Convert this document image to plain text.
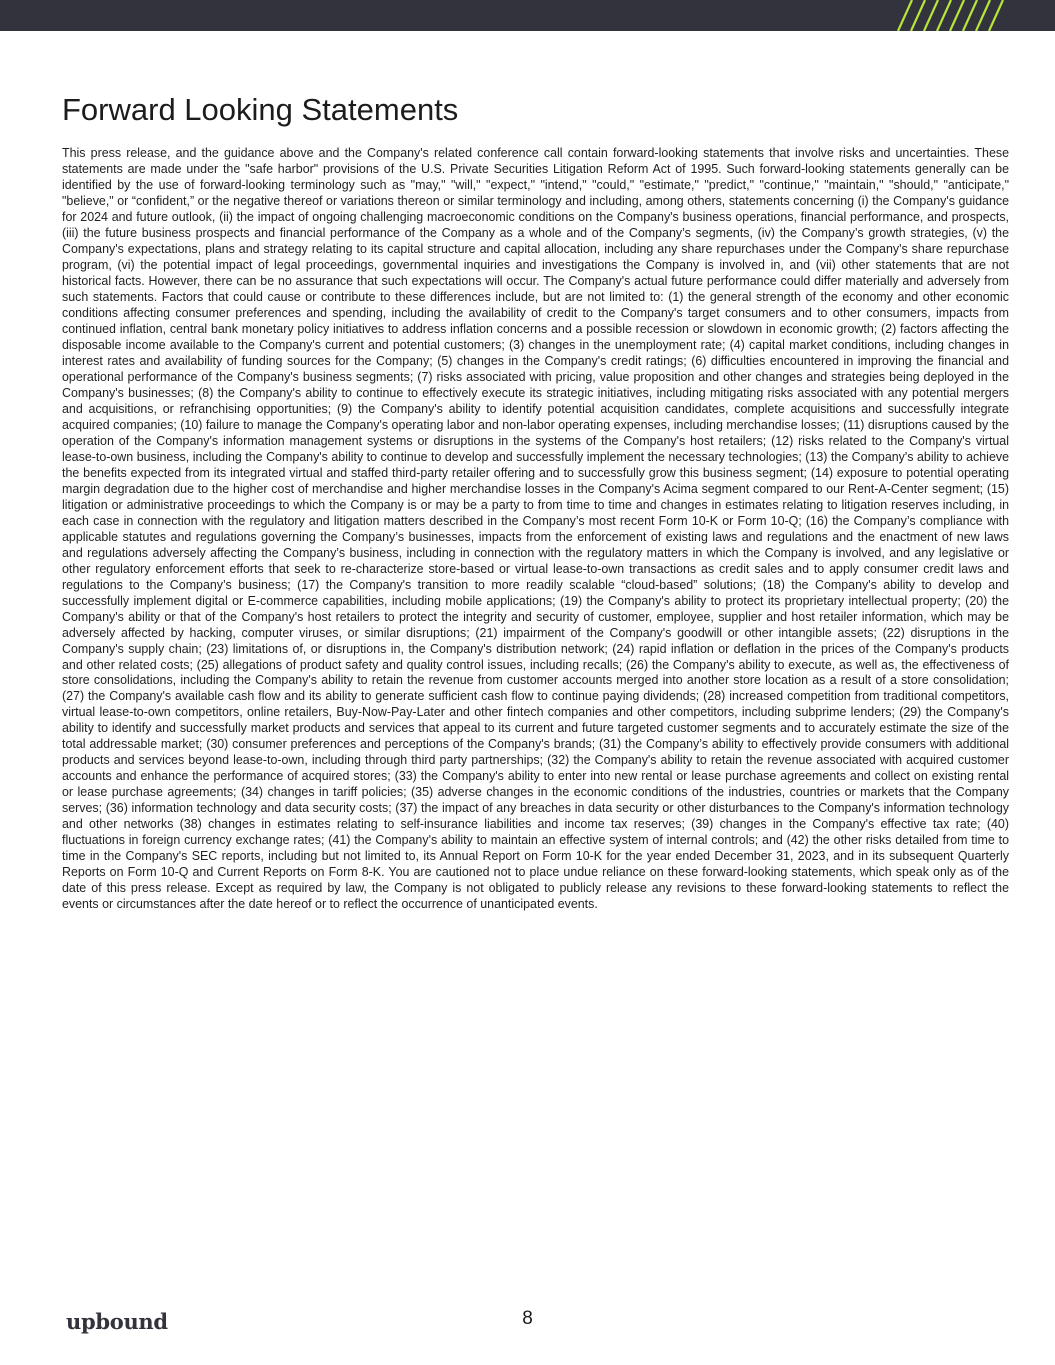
Forward Looking Statements

This press release, and the guidance above and the Company's related conference call contain forward-looking statements that involve risks and uncertainties. These statements are made under the "safe harbor" provisions of the U.S. Private Securities Litigation Reform Act of 1995. Such forward-looking statements generally can be identified by the use of forward-looking terminology such as "may," "will," "expect," "intend," "could," "estimate," "predict," "continue," "maintain," "should," "anticipate," "believe," or “confident,” or the negative thereof or variations thereon or similar terminology and including, among others, statements concerning (i) the Company's guidance for 2024 and future outlook, (ii) the impact of ongoing challenging macroeconomic conditions on the Company's business operations, financial performance, and prospects, (iii) the future business prospects and financial performance of the Company as a whole and of the Company’s segments, (iv) the Company’s growth strategies, (v) the Company's expectations, plans and strategy relating to its capital structure and capital allocation, including any share repurchases under the Company's share repurchase program, (vi) the potential impact of legal proceedings, governmental inquiries and investigations the Company is involved in, and (vii) other statements that are not historical facts. However, there can be no assurance that such expectations will occur. The Company's actual future performance could differ materially and adversely from such statements. Factors that could cause or contribute to these differences include, but are not limited to: (1) the general strength of the economy and other economic conditions affecting consumer preferences and spending, including the availability of credit to the Company's target consumers and to other consumers, impacts from continued inflation, central bank monetary policy initiatives to address inflation concerns and a possible recession or slowdown in economic growth; (2) factors affecting the disposable income available to the Company's current and potential customers; (3) changes in the unemployment rate; (4) capital market conditions, including changes in interest rates and availability of funding sources for the Company; (5) changes in the Company's credit ratings; (6) difficulties encountered in improving the financial and operational performance of the Company's business segments; (7) risks associated with pricing, value proposition and other changes and strategies being deployed in the Company's businesses; (8) the Company's ability to continue to effectively execute its strategic initiatives, including mitigating risks associated with any potential mergers and acquisitions, or refranchising opportunities; (9) the Company's ability to identify potential acquisition candidates, complete acquisitions and successfully integrate acquired companies; (10) failure to manage the Company's operating labor and non-labor operating expenses, including merchandise losses; (11) disruptions caused by the operation of the Company's information management systems or disruptions in the systems of the Company's host retailers; (12) risks related to the Company's virtual lease-to-own business, including the Company's ability to continue to develop and successfully implement the necessary technologies; (13) the Company's ability to achieve the benefits expected from its integrated virtual and staffed third-party retailer offering and to successfully grow this business segment; (14) exposure to potential operating margin degradation due to the higher cost of merchandise and higher merchandise losses in the Company's Acima segment compared to our Rent-A-Center segment; (15) litigation or administrative proceedings to which the Company is or may be a party to from time to time and changes in estimates relating to litigation reserves including, in each case in connection with the regulatory and litigation matters described in the Company’s most recent Form 10-K or Form 10-Q; (16) the Company’s compliance with applicable statutes and regulations governing the Company’s businesses, impacts from the enforcement of existing laws and regulations and the enactment of new laws and regulations adversely affecting the Company’s business, including in connection with the regulatory matters in which the Company is involved, and any legislative or other regulatory enforcement efforts that seek to re-characterize store-based or virtual lease-to-own transactions as credit sales and to apply consumer credit laws and regulations to the Company’s business; (17) the Company's transition to more readily scalable “cloud-based” solutions; (18) the Company's ability to develop and successfully implement digital or E-commerce capabilities, including mobile applications; (19) the Company's ability to protect its proprietary intellectual property; (20) the Company's ability or that of the Company's host retailers to protect the integrity and security of customer, employee, supplier and host retailer information, which may be adversely affected by hacking, computer viruses, or similar disruptions; (21) impairment of the Company's goodwill or other intangible assets; (22) disruptions in the Company's supply chain; (23) limitations of, or disruptions in, the Company's distribution network; (24) rapid inflation or deflation in the prices of the Company's products and other related costs; (25) allegations of product safety and quality control issues, including recalls; (26) the Company's ability to execute, as well as, the effectiveness of store consolidations, including the Company's ability to retain the revenue from customer accounts merged into another store location as a result of a store consolidation; (27) the Company's available cash flow and its ability to generate sufficient cash flow to continue paying dividends; (28) increased competition from traditional competitors, virtual lease-to-own competitors, online retailers, Buy-Now-Pay-Later and other fintech companies and other competitors, including subprime lenders; (29) the Company's ability to identify and successfully market products and services that appeal to its current and future targeted customer segments and to accurately estimate the size of the total addressable market; (30) consumer preferences and perceptions of the Company's brands; (31) the Company’s ability to effectively provide consumers with additional products and services beyond lease-to-own, including through third party partnerships; (32) the Company's ability to retain the revenue associated with acquired customer accounts and enhance the performance of acquired stores; (33) the Company's ability to enter into new rental or lease purchase agreements and collect on existing rental or lease purchase agreements; (34) changes in tariff policies; (35) adverse changes in the economic conditions of the industries, countries or markets that the Company serves; (36) information technology and data security costs; (37) the impact of any breaches in data security or other disturbances to the Company's information technology and other networks (38) changes in estimates relating to self-insurance liabilities and income tax reserves; (39) changes in the Company's effective tax rate; (40) fluctuations in foreign currency exchange rates; (41) the Company's ability to maintain an effective system of internal controls; and (42) the other risks detailed from time to time in the Company's SEC reports, including but not limited to, its Annual Report on Form 10-K for the year ended December 31, 2023, and in its subsequent Quarterly Reports on Form 10-Q and Current Reports on Form 8-K. You are cautioned not to place undue reliance on these forward-looking statements, which speak only as of the date of this press release. Except as required by law, the Company is not obligated to publicly release any revisions to these forward-looking statements to reflect the events or circumstances after the date hereof or to reflect the occurrence of unanticipated events.

upbound	8
